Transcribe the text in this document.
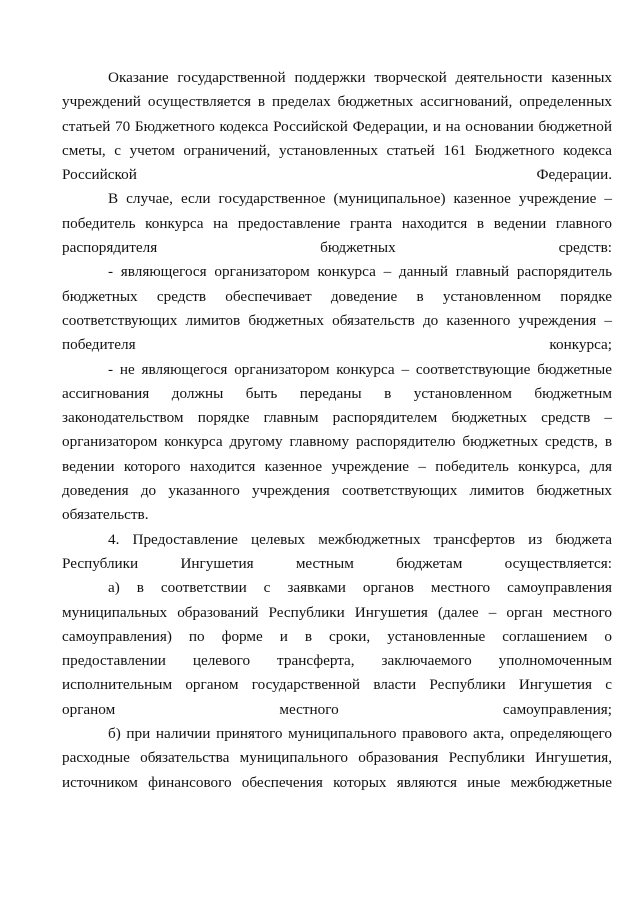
Оказание государственной поддержки творческой деятельности казенных учреждений осуществляется в пределах бюджетных ассигнований, определенных статьей 70 Бюджетного кодекса Российской Федерации, и на основании бюджетной сметы, с учетом ограничений, установленных статьей 161 Бюджетного кодекса Российской Федерации.

В случае, если государственное (муниципальное) казенное учреждение – победитель конкурса на предоставление гранта находится в ведении главного распорядителя бюджетных средств:

- являющегося организатором конкурса – данный главный распорядитель бюджетных средств обеспечивает доведение в установленном порядке соответствующих лимитов бюджетных обязательств до казенного учреждения – победителя конкурса;

- не являющегося организатором конкурса – соответствующие бюджетные ассигнования должны быть переданы в установленном бюджетным законодательством порядке главным распорядителем бюджетных средств – организатором конкурса другому главному распорядителю бюджетных средств, в ведении которого находится казенное учреждение – победитель конкурса, для доведения до указанного учреждения соответствующих лимитов бюджетных обязательств.

4. Предоставление целевых межбюджетных трансфертов из бюджета Республики Ингушетия местным бюджетам осуществляется:

а) в соответствии с заявками органов местного самоуправления муниципальных образований Республики Ингушетия (далее – орган местного самоуправления) по форме и в сроки, установленные соглашением о предоставлении целевого трансферта, заключаемого уполномоченным исполнительным органом государственной власти Республики Ингушетия с органом местного самоуправления;

б) при наличии принятого муниципального правового акта, определяющего расходные обязательства муниципального образования Республики Ингушетия, источником финансового обеспечения которых являются иные межбюджетные
